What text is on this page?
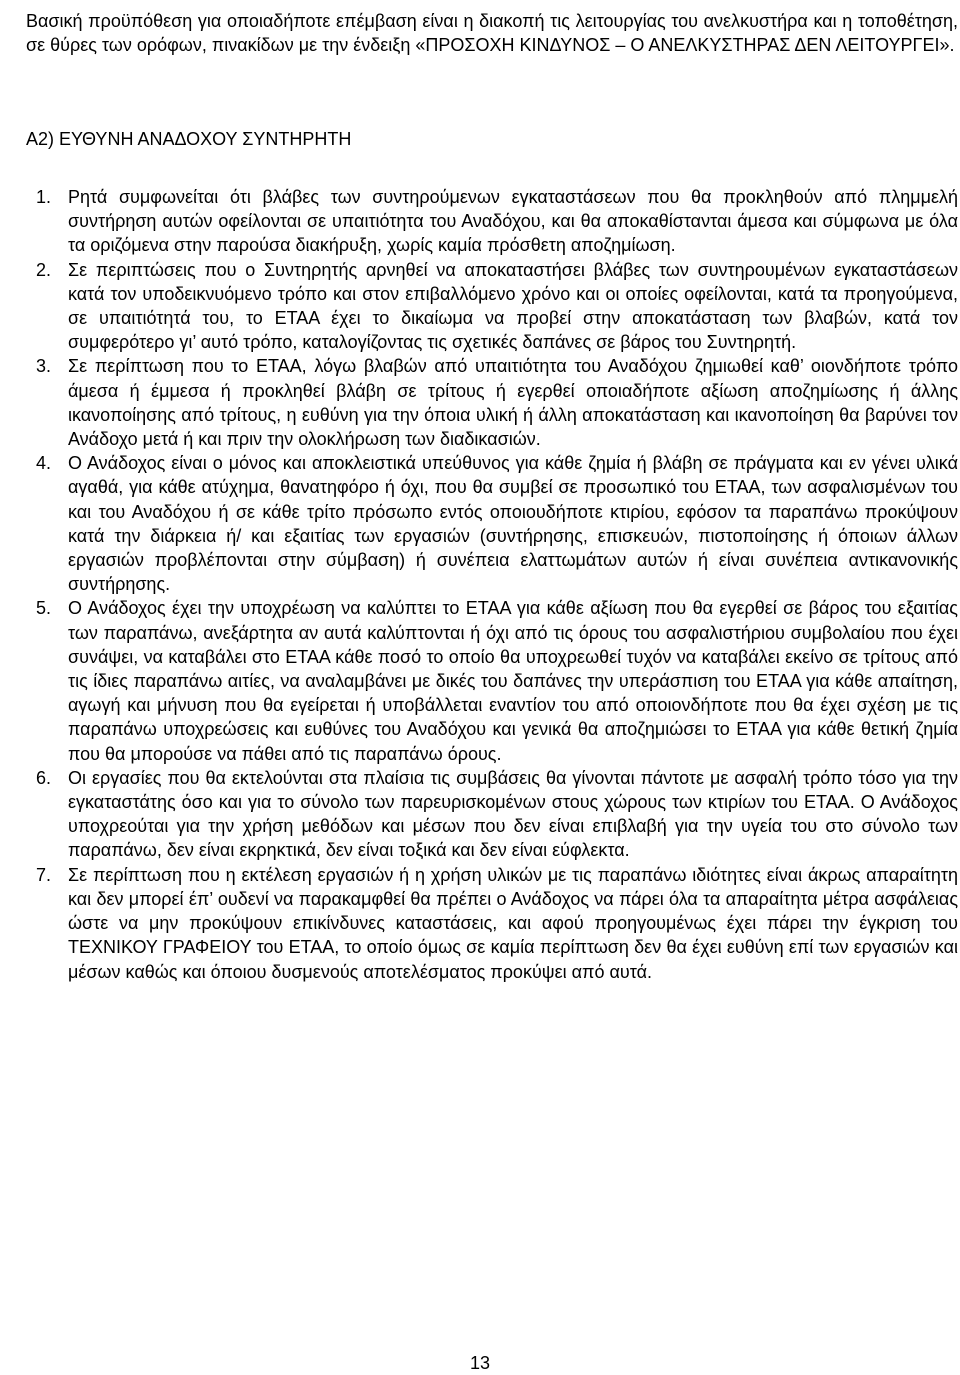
Βασική προϋπόθεση για οποιαδήποτε επέμβαση είναι η διακοπή τις λειτουργίας του ανελκυστήρα και η τοποθέτηση, σε θύρες των ορόφων, πινακίδων με την ένδειξη «ΠΡΟΣΟΧΗ ΚΙΝΔΥΝΟΣ – Ο ΑΝΕΛΚΥΣΤΗΡΑΣ ΔΕΝ ΛΕΙΤΟΥΡΓΕΙ».

Α2) ΕΥΘΥΝΗ ΑΝΑΔΟΧΟΥ ΣΥΝΤΗΡΗΤΗ
1. Ρητά συμφωνείται ότι βλάβες των συντηρούμενων εγκαταστάσεων που θα προκληθούν από πλημμελή συντήρηση αυτών οφείλονται σε υπαιτιότητα του Αναδόχου, και θα αποκαθίστανται άμεσα και σύμφωνα με όλα τα οριζόμενα στην παρούσα διακήρυξη, χωρίς καμία πρόσθετη αποζημίωση.
2. Σε περιπτώσεις που ο Συντηρητής αρνηθεί να αποκαταστήσει βλάβες των συντηρουμένων εγκαταστάσεων κατά τον υποδεικνυόμενο τρόπο και στον επιβαλλόμενο χρόνο και οι οποίες οφείλονται, κατά τα προηγούμενα, σε υπαιτιότητά του, το ΕΤΑΑ έχει το δικαίωμα να προβεί στην αποκατάσταση των βλαβών, κατά τον συμφερότερο γι’ αυτό τρόπο, καταλογίζοντας τις σχετικές δαπάνες σε βάρος του Συντηρητή.
3. Σε περίπτωση που το ΕΤΑΑ, λόγω βλαβών από υπαιτιότητα του Αναδόχου ζημιωθεί καθ’ οιονδήποτε τρόπο άμεσα ή έμμεσα ή προκληθεί βλάβη σε τρίτους ή εγερθεί οποιαδήποτε αξίωση αποζημίωσης ή άλλης ικανοποίησης από τρίτους, η ευθύνη για την όποια υλική ή άλλη αποκατάσταση και ικανοποίηση θα βαρύνει τον Ανάδοχο μετά ή και πριν την ολοκλήρωση των διαδικασιών.
4. Ο Ανάδοχος είναι ο μόνος και αποκλειστικά υπεύθυνος για κάθε ζημία ή βλάβη σε πράγματα και εν γένει υλικά αγαθά, για κάθε ατύχημα, θανατηφόρο ή όχι, που θα συμβεί σε προσωπικό του ΕΤΑΑ, των ασφαλισμένων του και του Αναδόχου ή σε κάθε τρίτο πρόσωπο εντός οποιουδήποτε κτιρίου, εφόσον τα παραπάνω προκύψουν κατά την διάρκεια ή/ και εξαιτίας των εργασιών (συντήρησης, επισκευών, πιστοποίησης ή όποιων άλλων εργασιών προβλέπονται στην σύμβαση) ή συνέπεια ελαττωμάτων αυτών ή είναι συνέπεια αντικανονικής συντήρησης.
5. Ο Ανάδοχος έχει την υποχρέωση να καλύπτει το ΕΤΑΑ για κάθε αξίωση που θα εγερθεί σε βάρος του εξαιτίας των παραπάνω, ανεξάρτητα αν αυτά καλύπτονται ή όχι από τις όρους του ασφαλιστήριου συμβολαίου που έχει συνάψει, να καταβάλει στο ΕΤΑΑ κάθε ποσό το οποίο θα υποχρεωθεί τυχόν να καταβάλει εκείνο σε τρίτους από τις ίδιες παραπάνω αιτίες, να αναλαμβάνει με δικές του δαπάνες την υπεράσπιση του ΕΤΑΑ για κάθε απαίτηση, αγωγή και μήνυση που θα εγείρεται ή υποβάλλεται εναντίον του από οποιονδήποτε που θα έχει σχέση με τις παραπάνω υποχρεώσεις και ευθύνες του Αναδόχου και γενικά θα αποζημιώσει το ΕΤΑΑ για κάθε θετική ζημία που θα μπορούσε να πάθει από τις παραπάνω όρους.
6. Οι εργασίες που θα εκτελούνται στα πλαίσια τις συμβάσεις θα γίνονται πάντοτε με ασφαλή τρόπο τόσο για την εγκαταστάτης όσο και για το σύνολο των παρευρισκομένων στους χώρους των κτιρίων του ΕΤΑΑ. Ο Ανάδοχος υποχρεούται για την χρήση μεθόδων και μέσων που δεν είναι επιβλαβή για την υγεία του στο σύνολο των παραπάνω, δεν είναι εκρηκτικά, δεν είναι τοξικά και δεν είναι εύφλεκτα.
7. Σε περίπτωση που η εκτέλεση εργασιών ή η χρήση υλικών με τις παραπάνω ιδιότητες είναι άκρως απαραίτητη και δεν μπορεί έπ’ ουδενί να παρακαμφθεί θα πρέπει ο Ανάδοχος να πάρει όλα τα απαραίτητα μέτρα ασφάλειας ώστε να μην προκύψουν επικίνδυνες καταστάσεις, και αφού προηγουμένως έχει πάρει την έγκριση του ΤΕΧΝΙΚΟΥ ΓΡΑΦΕΙΟΥ του ΕΤΑΑ, το οποίο όμως σε καμία περίπτωση δεν θα έχει ευθύνη επί των εργασιών και μέσων καθώς και όποιου δυσμενούς αποτελέσματος προκύψει από αυτά.

13
